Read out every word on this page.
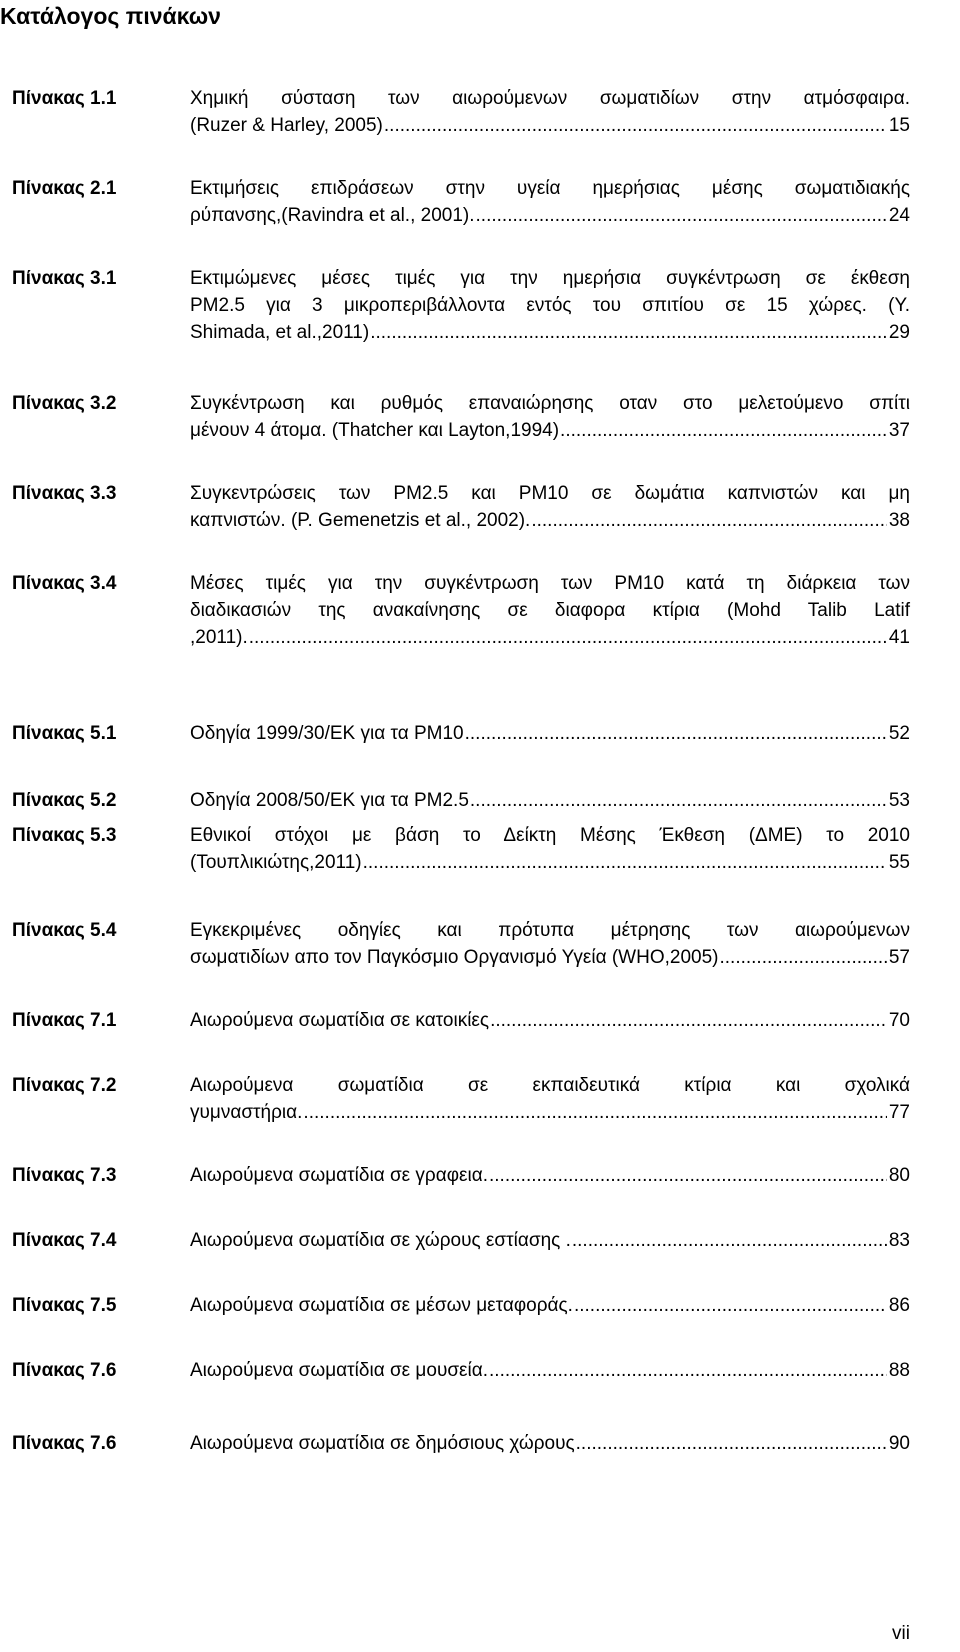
Κατάλογος πινάκων
Πίνακας 1.1	Χημική σύσταση των αιωρούμενων σωματιδίων στην ατμόσφαιρα.
(Ruzer & Harley, 2005) .....	15
Πίνακας 2.1	Εκτιμήσεις επιδράσεων στην υγεία ημερήσιας μέσης σωματιδιακής
ρύπανσης,(Ravindra et al., 2001). .....	24
Πίνακας 3.1	Εκτιμώμενες μέσες τιμές για την ημερήσια συγκέντρωση σε έκθεση
PM2.5 για 3 μικροπεριβάλλοντα εντός του σπιτίου σε 15 χώρες. (Y.
Shimada, et al.,2011) .....	29
Πίνακας 3.2	Συγκέντρωση και ρυθμός επαναιώρησης οταν στο μελετούμενο σπίτι
μένουν 4 άτομα. (Thatcher και Layton,1994) .....	37
Πίνακας 3.3	Συγκεντρώσεις των PM2.5 και PM10 σε δωμάτια καπνιστών και μη
καπνιστών. (P. Gemenetzis et al., 2002). .....	38
Πίνακας 3.4	Μέσες τιμές για την συγκέντρωση των PM10 κατά τη διάρκεια των
διαδικασιών της ανακαίνησης σε διαφορα κτίρια (Mohd Talib Latif
,2011). .....	41
Πίνακας 5.1	Οδηγία 1999/30/ΕΚ για τα PM10 .....	52
Πίνακας 5.2	Οδηγία 2008/50/ΕΚ για τα PM2.5 .....	53
Πίνακας 5.3	Εθνικοί στόχοι με βάση το Δείκτη Μέσης Έκθεση (ΔΜΕ) το 2010
(Τουπλικιώτης,2011) .....	55
Πίνακας 5.4	Εγκεκριμένες οδηγίες και πρότυπα μέτρησης των αιωρούμενων
σωματιδίων απο τον Παγκόσμιο Οργανισμό Υγεία (WHO,2005) .....	57
Πίνακας 7.1	Αιωρούμενα σωματίδια σε κατοικίες .....	70
Πίνακας 7.2	Αιωρούμενα σωματίδια σε εκπαιδευτικά κτίρια και σχολικά
γυμναστήρια. .....	77
Πίνακας 7.3	Αιωρούμενα σωματίδια σε γραφεια. .....	80
Πίνακας 7.4	Αιωρούμενα σωματίδια σε χώρους εστίασης . .....	83
Πίνακας 7.5	Αιωρούμενα σωματίδια σε μέσων μεταφοράς. .....	86
Πίνακας 7.6	Αιωρούμενα σωματίδια σε μουσεία. .....	88
Πίνακας 7.6	Αιωρούμενα σωματίδια σε δημόσιους χώρους .....	90
vii
